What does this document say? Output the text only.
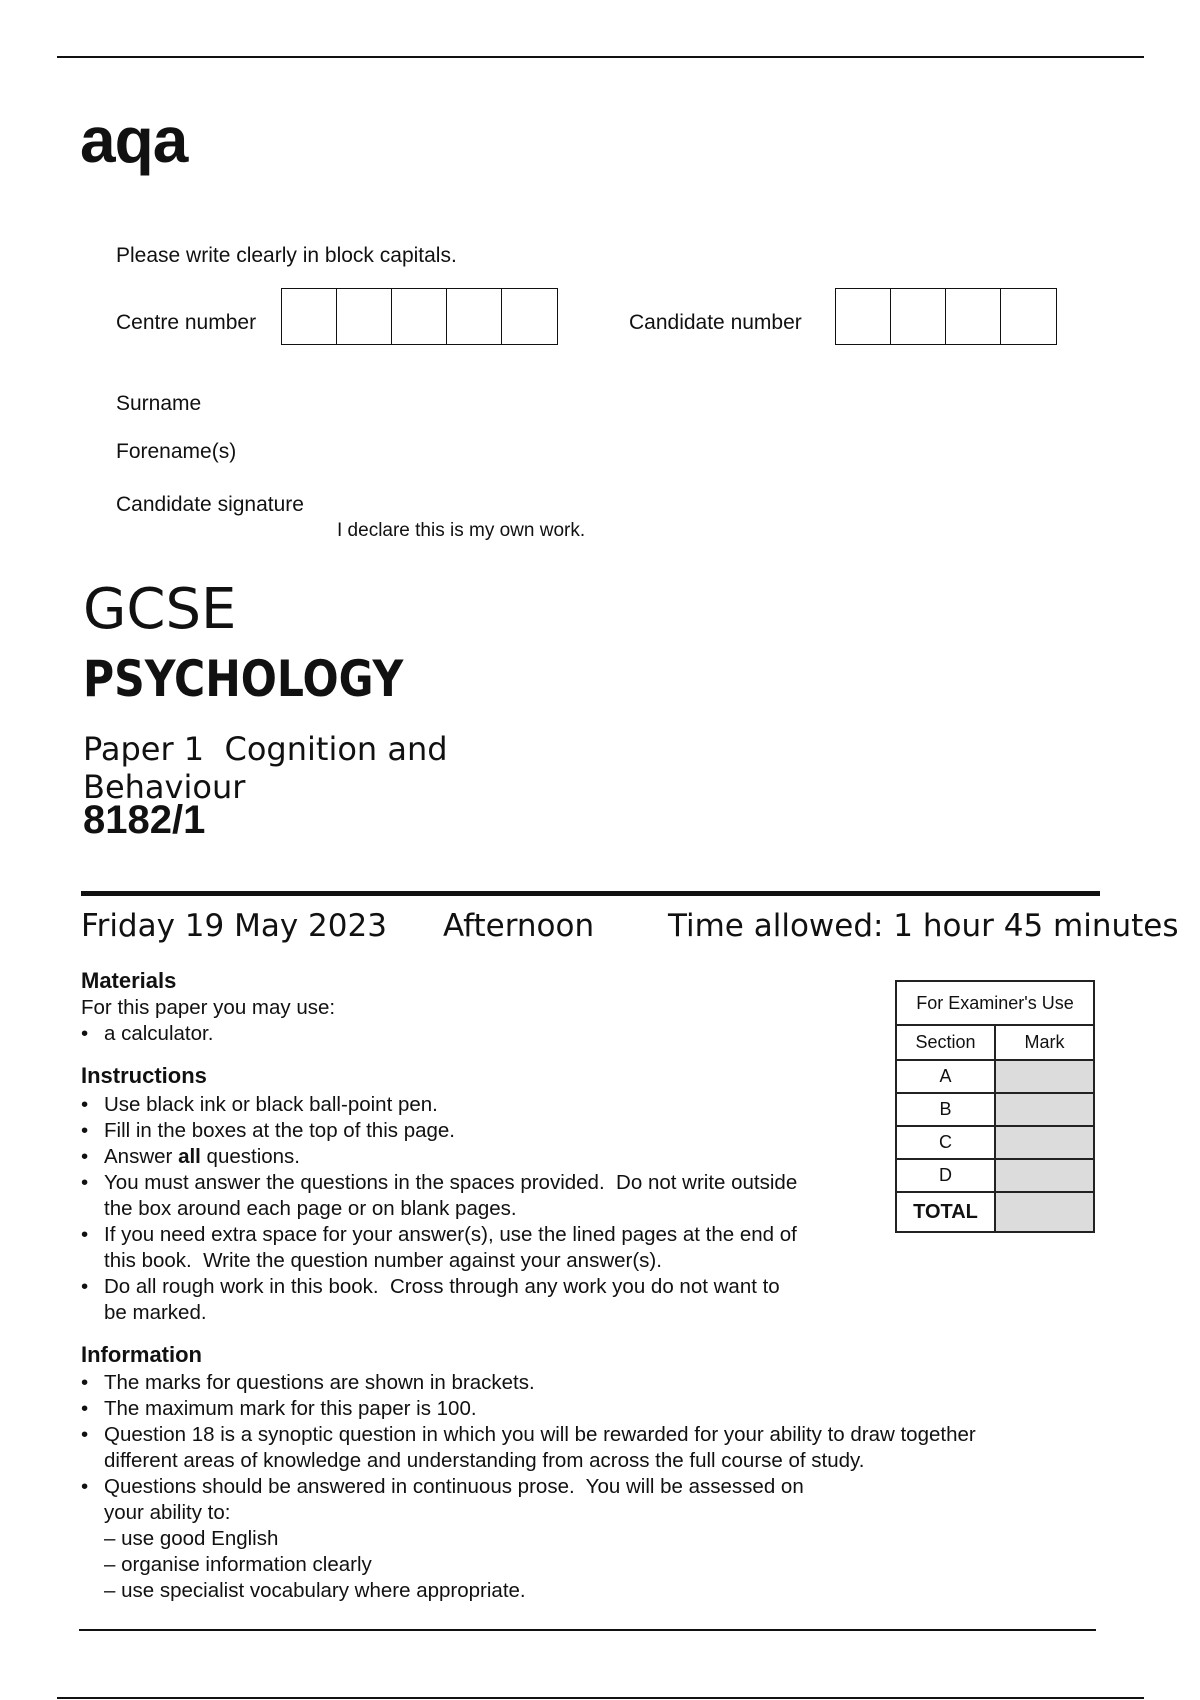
aqa
Please write clearly in block capitals.
Centre number	Candidate number
Surname
Forename(s)
Candidate signature
I declare this is my own work.
GCSE
PSYCHOLOGY
Paper 1  Cognition and
Behaviour
8182/1
Friday 19 May 2023 Afternoon Time allowed: 1 hour 45 minutes
Materials
For this paper you may use:
• a calculator.
Instructions
• Use black ink or black ball-point pen.
• Fill in the boxes at the top of this page.
• Answer all questions.
• You must answer the questions in the spaces provided.  Do not write outside
the box around each page or on blank pages.
• If you need extra space for your answer(s), use the lined pages at the end of
this book.  Write the question number against your answer(s).
• Do all rough work in this book.  Cross through any work you do not want to
be marked.
Information
• The marks for questions are shown in brackets.
• The maximum mark for this paper is 100.
• Question 18 is a synoptic question in which you will be rewarded for your ability to draw together
different areas of knowledge and understanding from across the full course of study.
• Questions should be answered in continuous prose.  You will be assessed on
your ability to:
– use good English
– organise information clearly
– use specialist vocabulary where appropriate.
For Examiner's Use	
Section	Mark
A	
B	
C	
D	
TOTAL	
